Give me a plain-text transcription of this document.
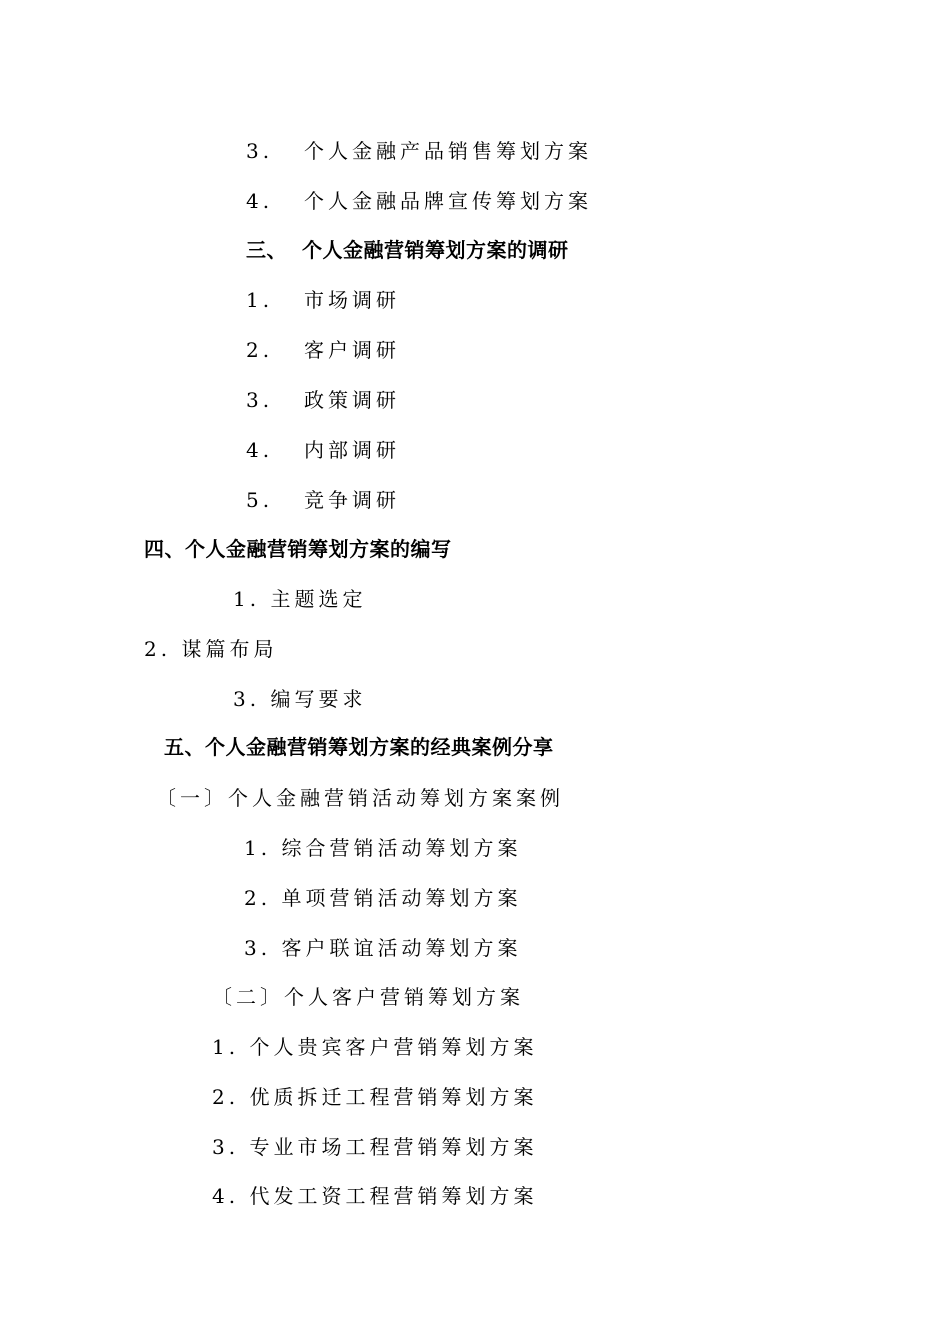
3. 个人金融产品销售筹划方案
4. 个人金融品牌宣传筹划方案
三、 个人金融营销筹划方案的调研
1. 市场调研
2. 客户调研
3. 政策调研
4. 内部调研
5. 竞争调研
四、个人金融营销筹划方案的编写
1. 主题选定
2. 谋篇布局
3. 编写要求
五、个人金融营销筹划方案的经典案例分享
〔一〕个人金融营销活动筹划方案案例
1. 综合营销活动筹划方案
2. 单项营销活动筹划方案
3. 客户联谊活动筹划方案
〔二〕个人客户营销筹划方案
1. 个人贵宾客户营销筹划方案
2. 优质拆迁工程营销筹划方案
3. 专业市场工程营销筹划方案
4. 代发工资工程营销筹划方案
